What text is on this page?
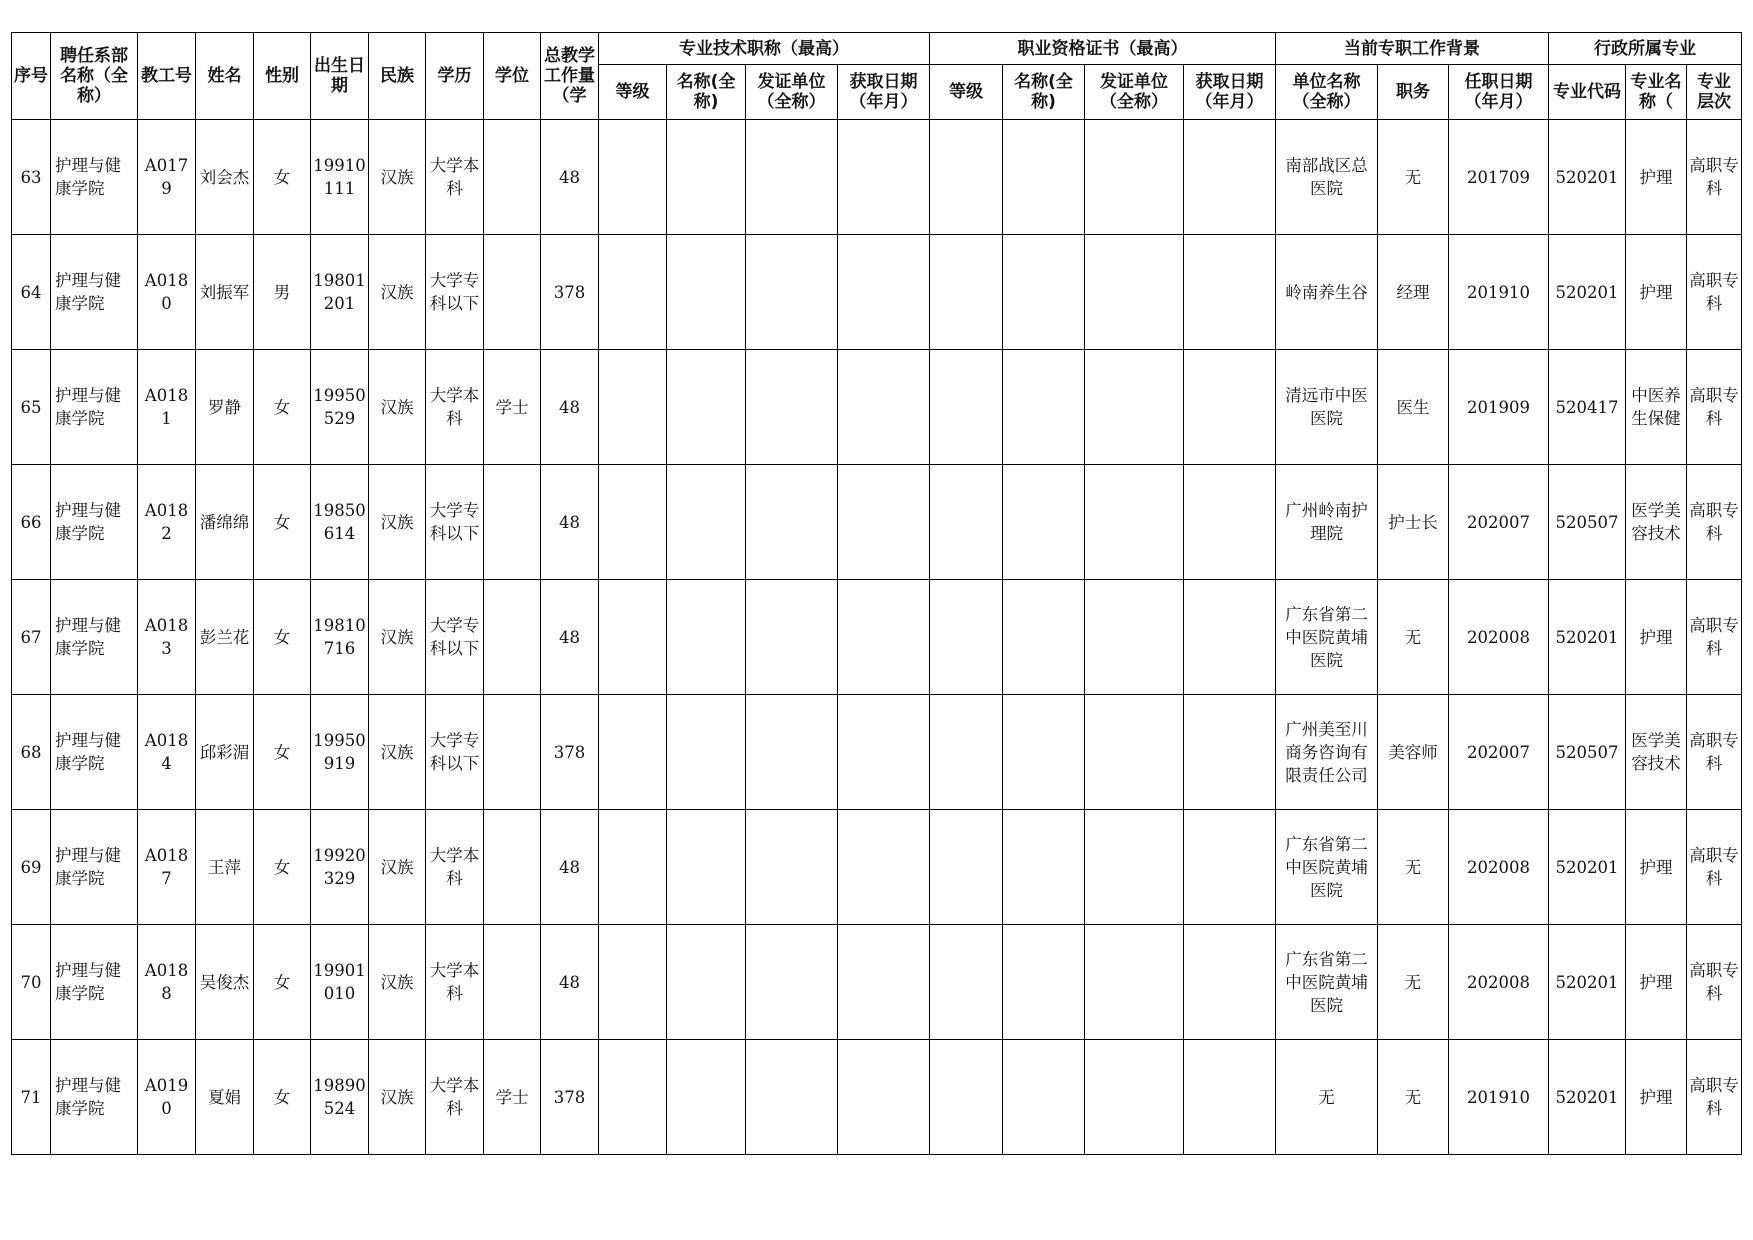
序号	聘任系部名称（全称）	教工号	姓名	性别	出生日期	民族	学历	学位	总教学工作量（学	专业技术职称（最高）				职业资格证书（最高）				当前专职工作背景			行政所属专业		
										等级	名称(全称)	发证单位（全称）	获取日期（年月）	等级	名称(全称)	发证单位（全称）	获取日期（年月）	单位名称（全称）	职务	任职日期（年月）	专业代码	专业名称（	专业层次
63	护理与健康学院	A0179	刘会杰	女	19910111	汉族	大学本科		48									南部战区总医院	无	201709	520201	护理	高职专科
64	护理与健康学院	A0180	刘振军	男	19801201	汉族	大学专科以下		378									岭南养生谷	经理	201910	520201	护理	高职专科
65	护理与健康学院	A0181	罗静	女	19950529	汉族	大学本科	学士	48									清远市中医医院	医生	201909	520417	中医养生保健	高职专科
66	护理与健康学院	A0182	潘绵绵	女	19850614	汉族	大学专科以下		48									广州岭南护理院	护士长	202007	520507	医学美容技术	高职专科
67	护理与健康学院	A0183	彭兰花	女	19810716	汉族	大学专科以下		48									广东省第二中医院黄埔医院	无	202008	520201	护理	高职专科
68	护理与健康学院	A0184	邱彩湄	女	19950919	汉族	大学专科以下		378									广州美至川商务咨询有限责任公司	美容师	202007	520507	医学美容技术	高职专科
69	护理与健康学院	A0187	王萍	女	19920329	汉族	大学本科		48									广东省第二中医院黄埔医院	无	202008	520201	护理	高职专科
70	护理与健康学院	A0188	吴俊杰	女	19901010	汉族	大学本科		48									广东省第二中医院黄埔医院	无	202008	520201	护理	高职专科
71	护理与健康学院	A0190	夏娟	女	19890524	汉族	大学本科	学士	378									无	无	201910	520201	护理	高职专科
